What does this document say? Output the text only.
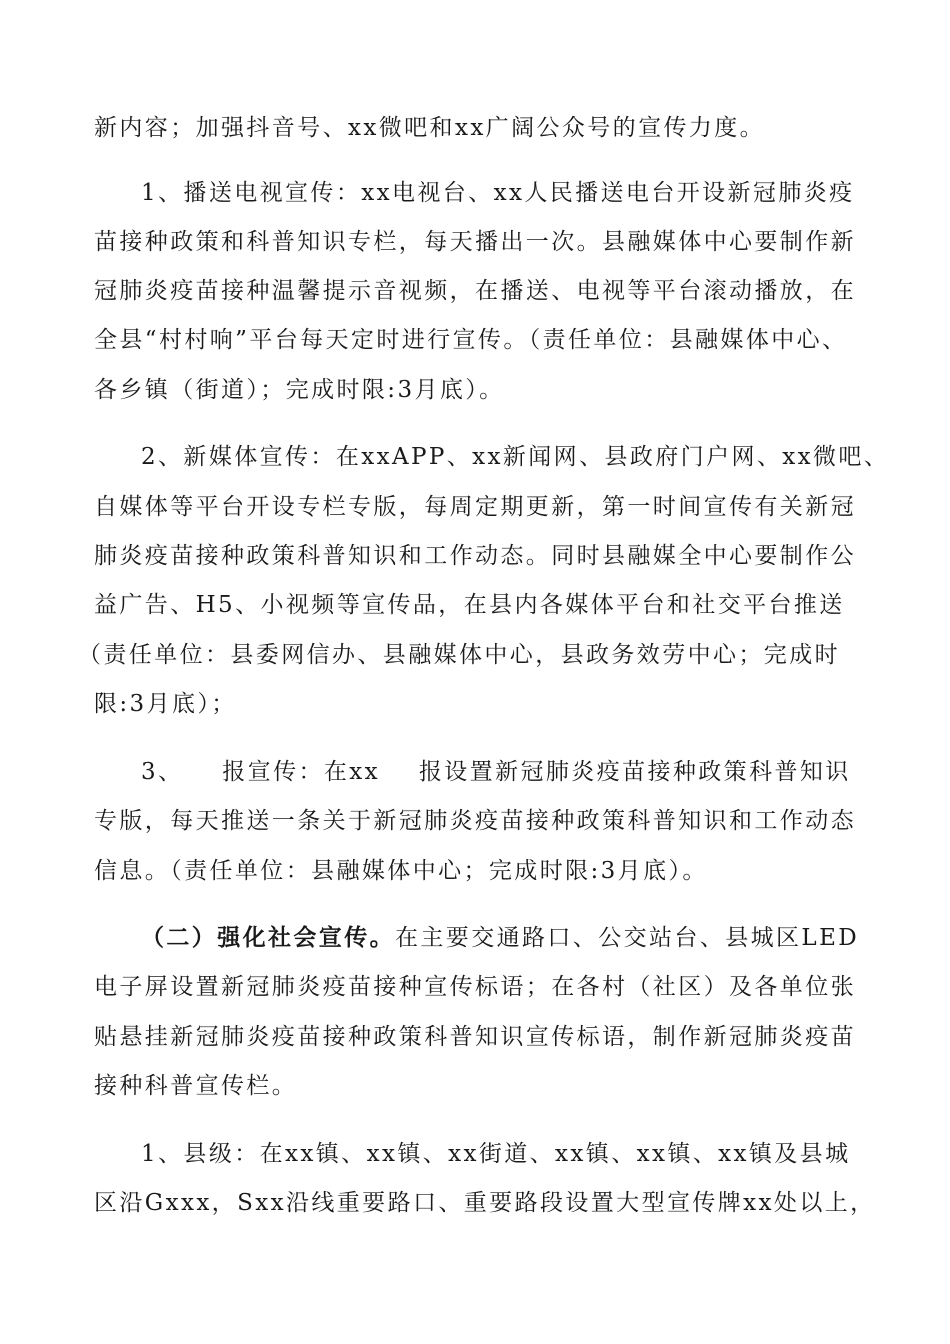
新内容；加强抖音号、xx微吧和xx广阔公众号的宣传力度。
1、播送电视宣传：xx电视台、xx人民播送电台开设新冠肺炎疫
苗接种政策和科普知识专栏，每天播出一次。县融媒体中心要制作新
冠肺炎疫苗接种温馨提示音视频，在播送、电视等平台滚动播放，在
全县“村村响”平台每天定时进行宣传。（责任单位：县融媒体中心、
各乡镇（街道）；完成时限:3月底）。
2、新媒体宣传：在xxAPP、xx新闻网、县政府门户网、xx微吧、
自媒体等平台开设专栏专版，每周定期更新，第一时间宣传有关新冠
肺炎疫苗接种政策科普知识和工作动态。同时县融媒全中心要制作公
益广告、H5、小视频等宣传品，在县内各媒体平台和社交平台推送
（责任单位：县委网信办、县融媒体中心，县政务效劳中心；完成时
限:3月底）；
3、    报宣传：在xx    报设置新冠肺炎疫苗接种政策科普知识
专版，每天推送一条关于新冠肺炎疫苗接种政策科普知识和工作动态
信息。（责任单位：县融媒体中心；完成时限:3月底）。
（二）强化社会宣传。在主要交通路口、公交站台、县城区LED
电子屏设置新冠肺炎疫苗接种宣传标语；在各村（社区）及各单位张
贴悬挂新冠肺炎疫苗接种政策科普知识宣传标语，制作新冠肺炎疫苗
接种科普宣传栏。
1、县级：在xx镇、xx镇、xx街道、xx镇、xx镇、xx镇及县城
区沿Gxxx，Sxx沿线重要路口、重要路段设置大型宣传牌xx处以上，
